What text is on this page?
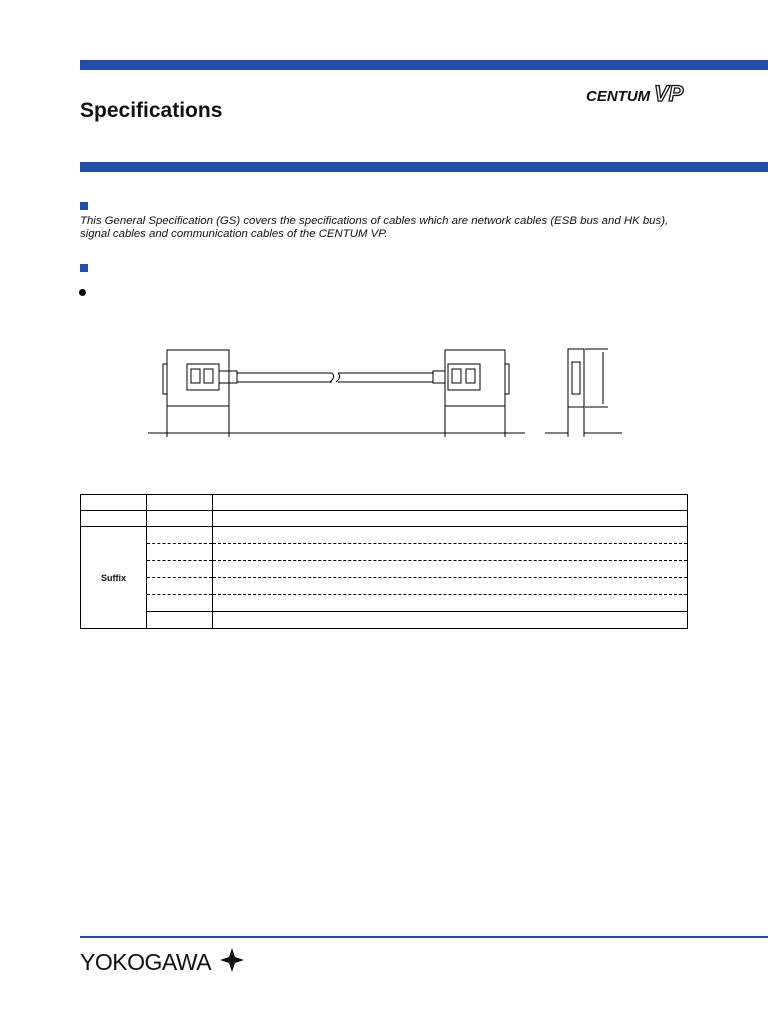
Specifications
CENTUM VP

This General Specification (GS) covers the specifications of cables which are network cables (ESB bus and HK bus), signal cables and communication cables of the CENTUM VP.

Suffix		

YOKOGAWA
